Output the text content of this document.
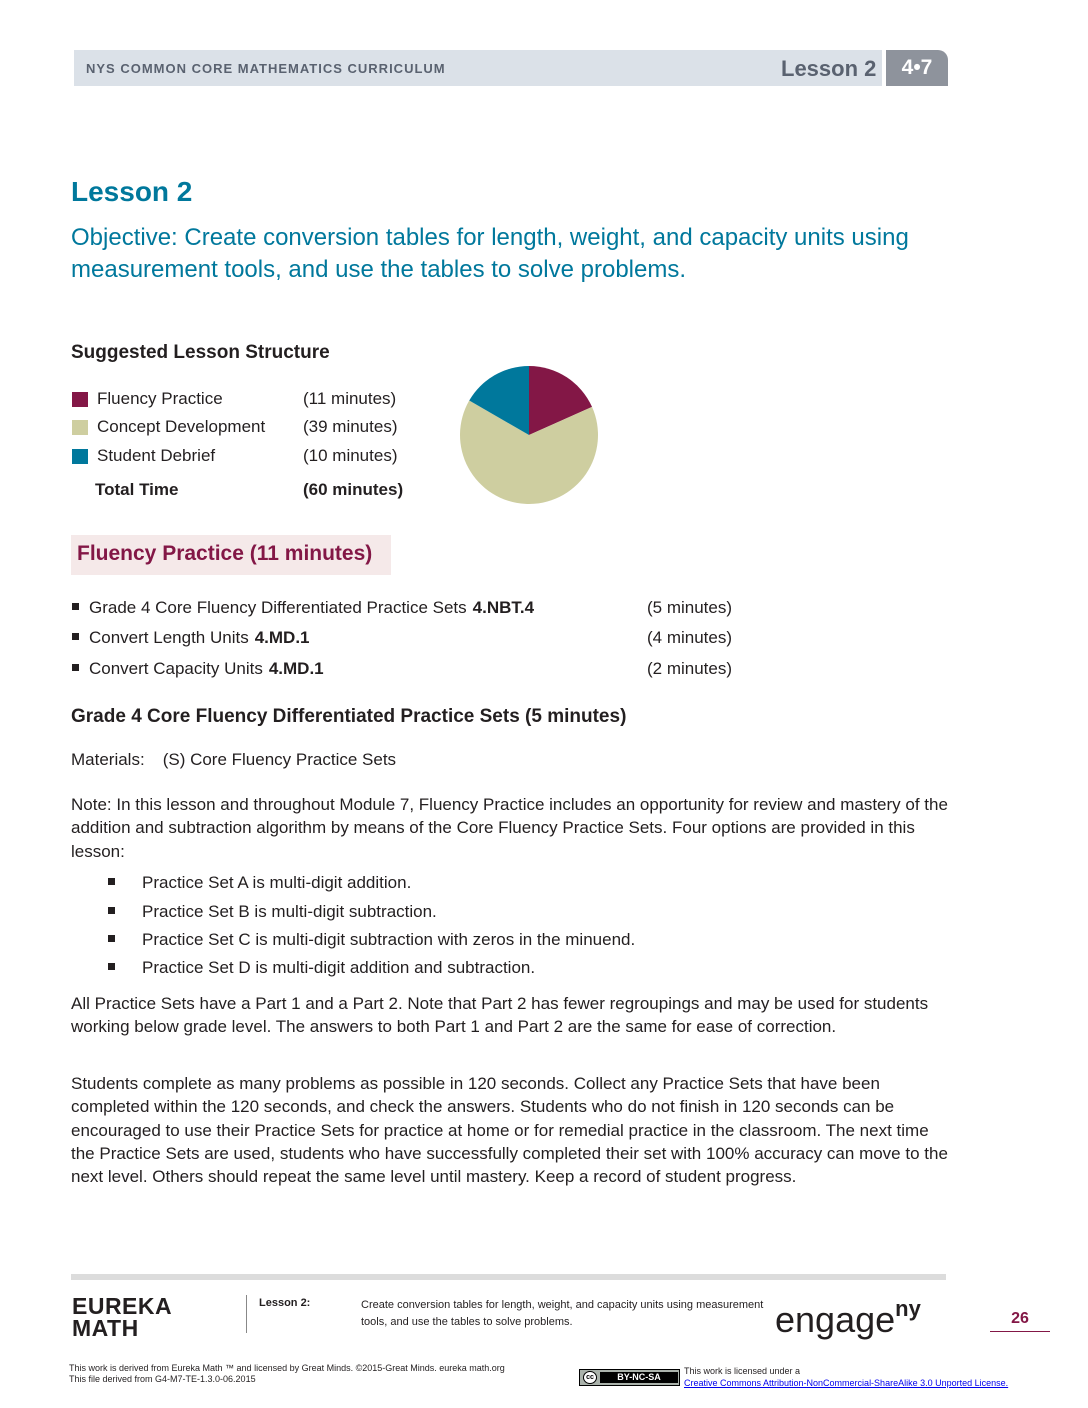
NYS COMMON CORE MATHEMATICS CURRICULUM	Lesson 2	4•7
Lesson 2
Objective: Create conversion tables for length, weight, and capacity units using measurement tools, and use the tables to solve problems.
Suggested Lesson Structure
Fluency Practice	(11 minutes)
Concept Development (39 minutes)
Student Debrief	(10 minutes)
Total Time	(60 minutes)
Fluency Practice (11 minutes)
Grade 4 Core Fluency Differentiated Practice Sets 4.NBT.4	(5 minutes)
Convert Length Units 4.MD.1	(4 minutes)
Convert Capacity Units 4.MD.1	(2 minutes)
Grade 4 Core Fluency Differentiated Practice Sets (5 minutes)
Materials: (S) Core Fluency Practice Sets
Note: In this lesson and throughout Module 7, Fluency Practice includes an opportunity for review and mastery of the addition and subtraction algorithm by means of the Core Fluency Practice Sets. Four options are provided in this lesson:
Practice Set A is multi-digit addition.
Practice Set B is multi-digit subtraction.
Practice Set C is multi-digit subtraction with zeros in the minuend.
Practice Set D is multi-digit addition and subtraction.
All Practice Sets have a Part 1 and a Part 2. Note that Part 2 has fewer regroupings and may be used for students working below grade level. The answers to both Part 1 and Part 2 are the same for ease of correction.
Students complete as many problems as possible in 120 seconds. Collect any Practice Sets that have been completed within the 120 seconds, and check the answers. Students who do not finish in 120 seconds can be encouraged to use their Practice Sets for practice at home or for remedial practice in the classroom. The next time the Practice Sets are used, students who have successfully completed their set with 100% accuracy can move to the next level. Others should repeat the same level until mastery. Keep a record of student progress.
EUREKA
MATH
Lesson 2:	Create conversion tables for length, weight, and capacity units using measurement tools, and use the tables to solve problems.	engage$^{ny}$	26
This work is derived from Eureka Math ™ and licensed by Great Minds. ©2015-Great Minds. eureka math.org
This file derived from G4-M7-TE-1.3.0-06.2015	cc	BY-NC-SA
This work is licensed under a
Creative Commons Attribution-NonCommercial-ShareAlike 3.0 Unported License.
